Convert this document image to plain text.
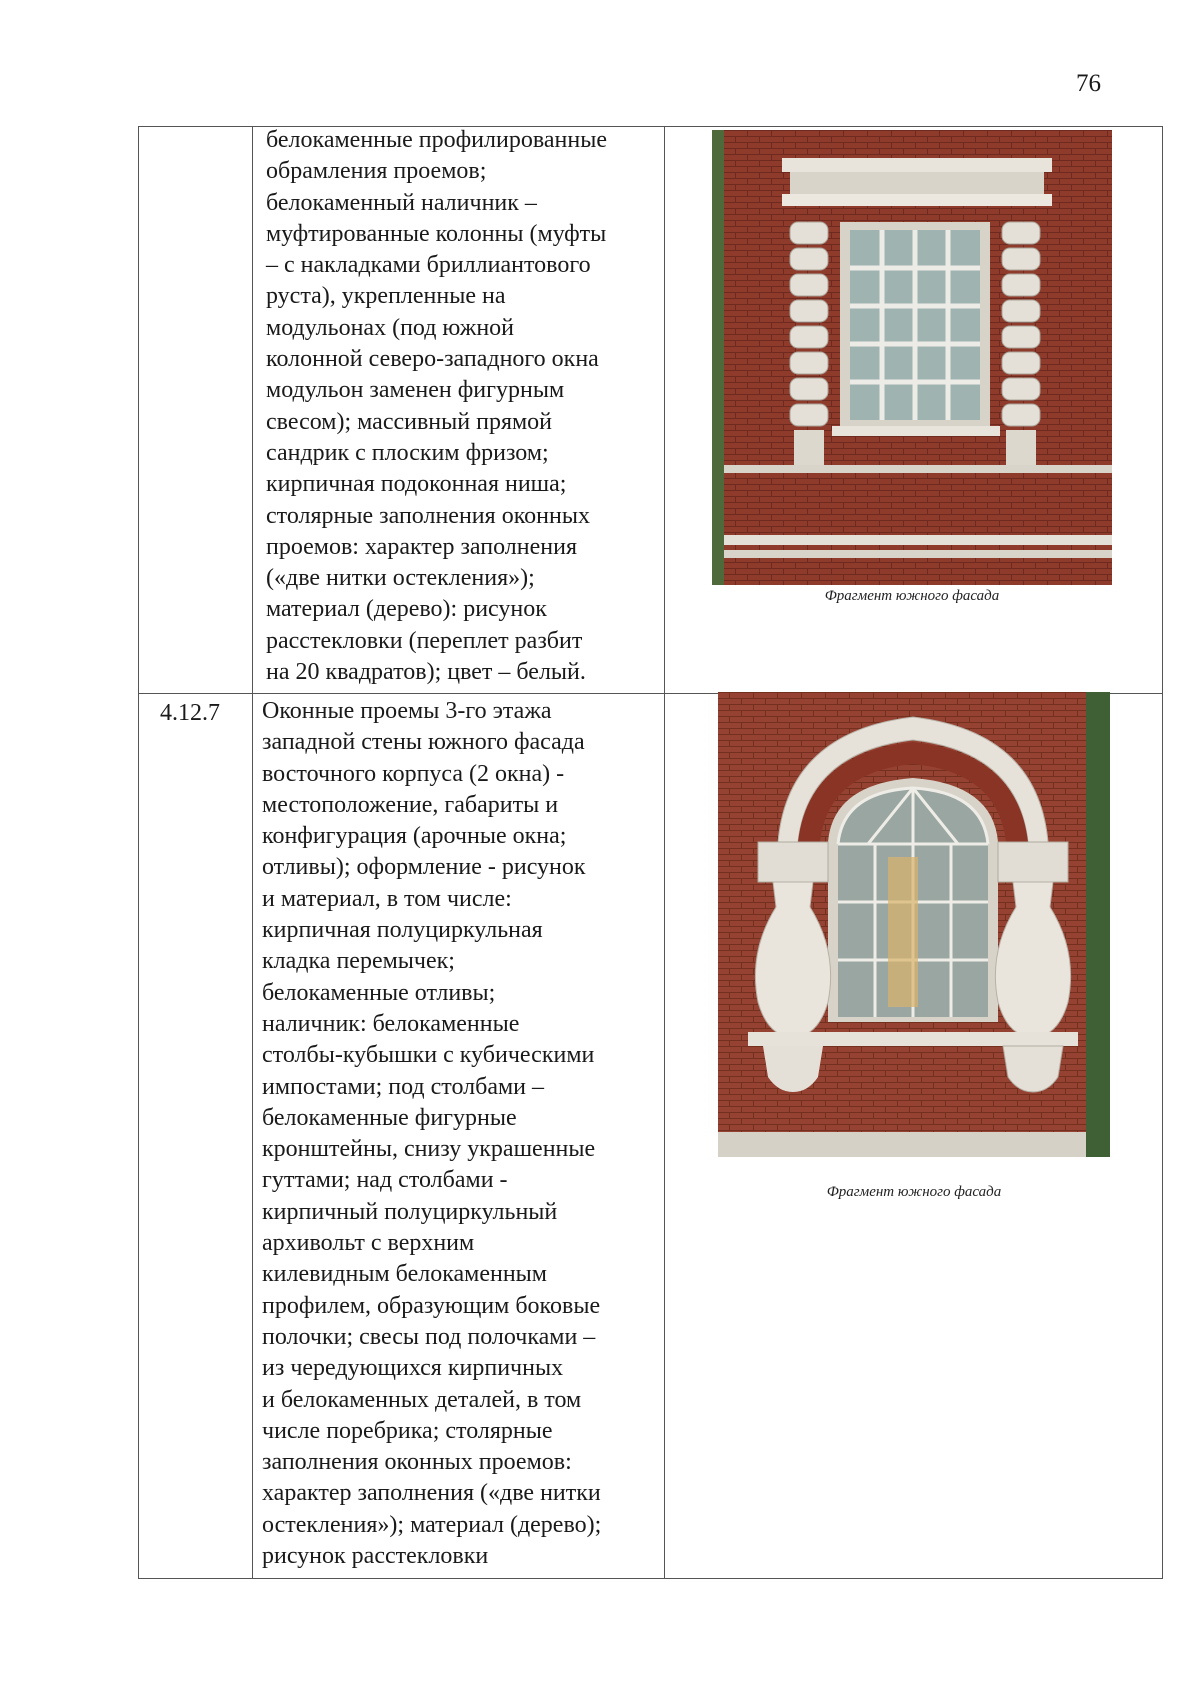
76
белокаменные профилированные
обрамления проемов;
белокаменный наличник –
муфтированные колонны (муфты
– с накладками бриллиантового
руста), укрепленные на
модульонах (под южной
колонной северо-западного окна
модульон заменен фигурным
свесом); массивный прямой
сандрик с плоским фризом;
кирпичная подоконная ниша;
столярные заполнения оконных
проемов: характер заполнения
(«две нитки остекления»);
материал (дерево): рисунок
расстекловки (переплет разбит
на 20 квадратов); цвет – белый.
Фрагмент южного фасада
4.12.7 Оконные проемы 3-го этажа
западной стены южного фасада
восточного корпуса (2 окна) -
местоположение, габариты и
конфигурация (арочные окна;
отливы); оформление - рисунок
и материал, в том числе:
кирпичная полуциркульная
кладка перемычек;
белокаменные отливы;
наличник: белокаменные
столбы-кубышки с кубическими
импостами; под столбами –
белокаменные фигурные
кронштейны, снизу украшенные
гуттами; над столбами -
кирпичный полуциркульный
архивольт с верхним
килевидным белокаменным
профилем, образующим боковые
полочки; свесы под полочками –
из чередующихся кирпичных
и белокаменных деталей, в том
числе поребрика; столярные
заполнения оконных проемов:
характер заполнения («две нитки
остекления»); материал (дерево);
рисунок расстекловки
Фрагмент южного фасада
